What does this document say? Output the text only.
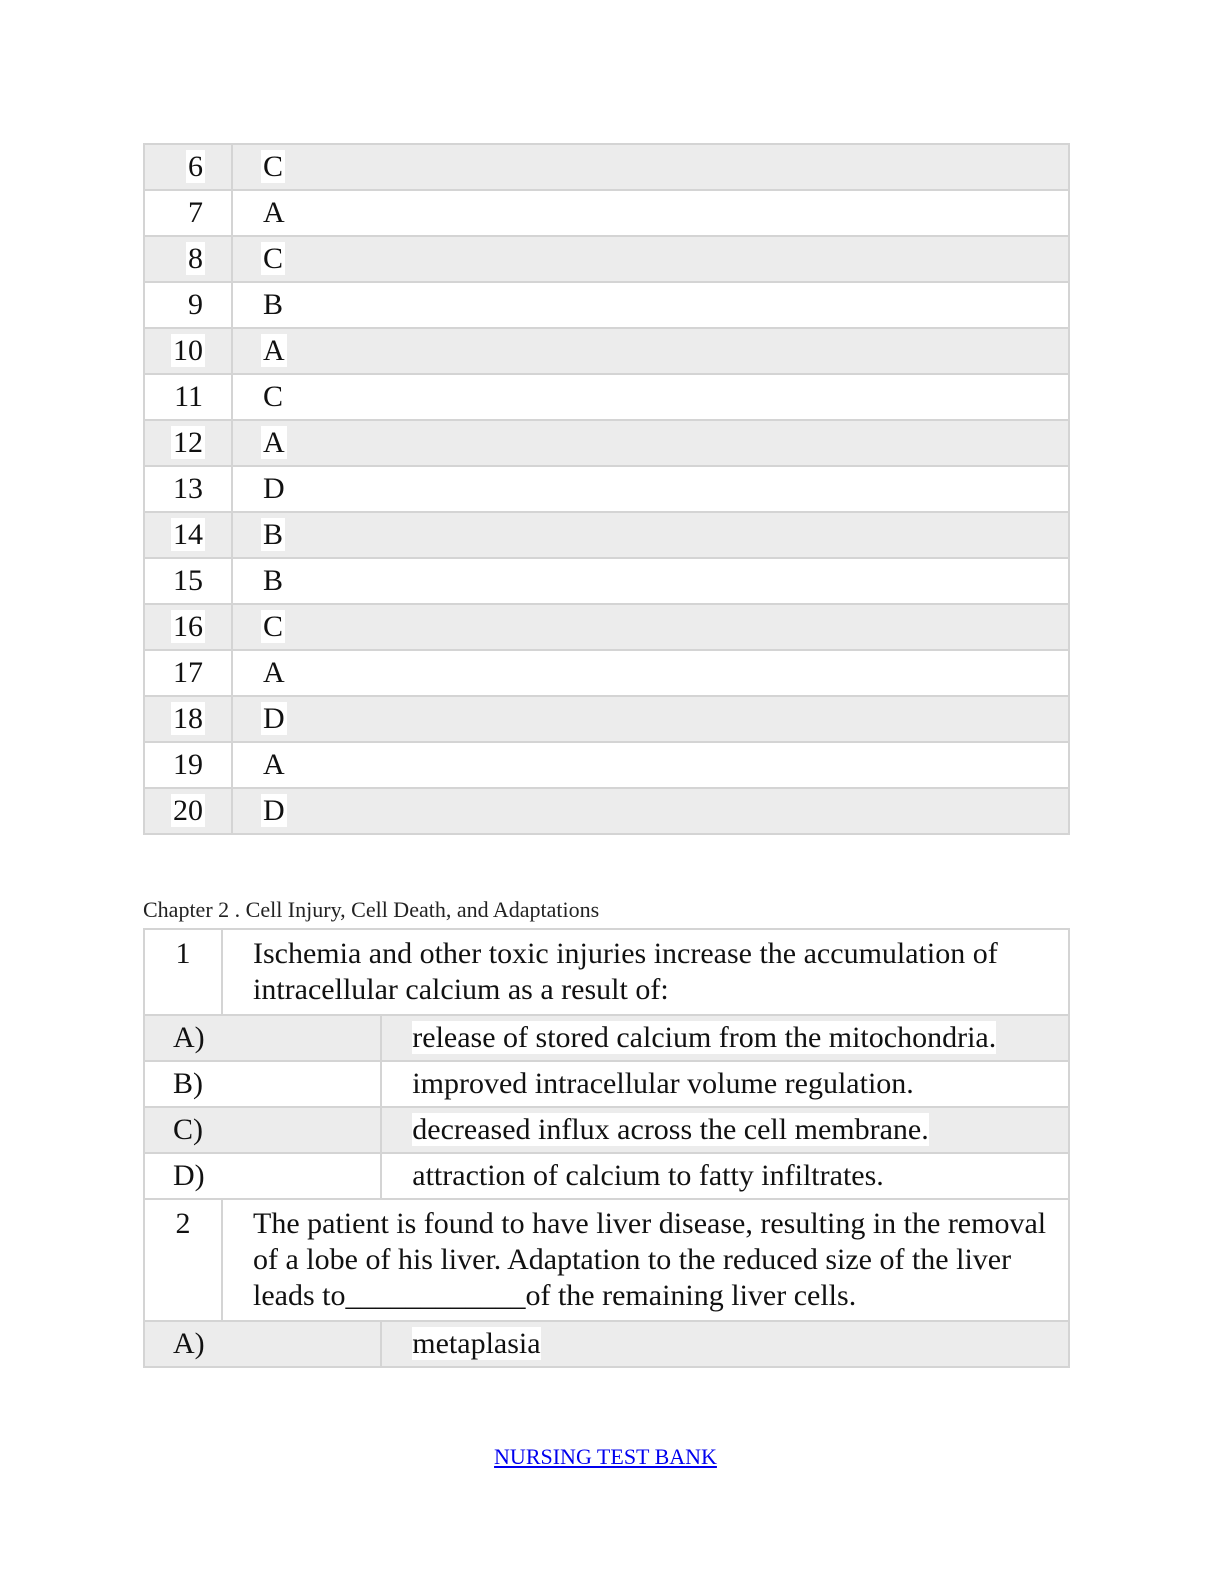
6	C
7	A
8	C
9	B
10	A
11	C
12	A
13	D
14	B
15	B
16	C
17	A
18	D
19	A
20	D
Chapter 2 . Cell Injury, Cell Death, and Adaptations
1	Ischemia and other toxic injuries increase the accumulation of intracellular calcium as a result of:	
A)		release of stored calcium from the mitochondria.
B)		improved intracellular volume regulation.
C)		decreased influx across the cell membrane.
D)		attraction of calcium to fatty infiltrates.
2	The patient is found to have liver disease, resulting in the removal of a lobe of his liver. Adaptation to the reduced size of the liver leads to____________of the remaining liver cells.	
A)		metaplasia
NURSING TEST BANK
